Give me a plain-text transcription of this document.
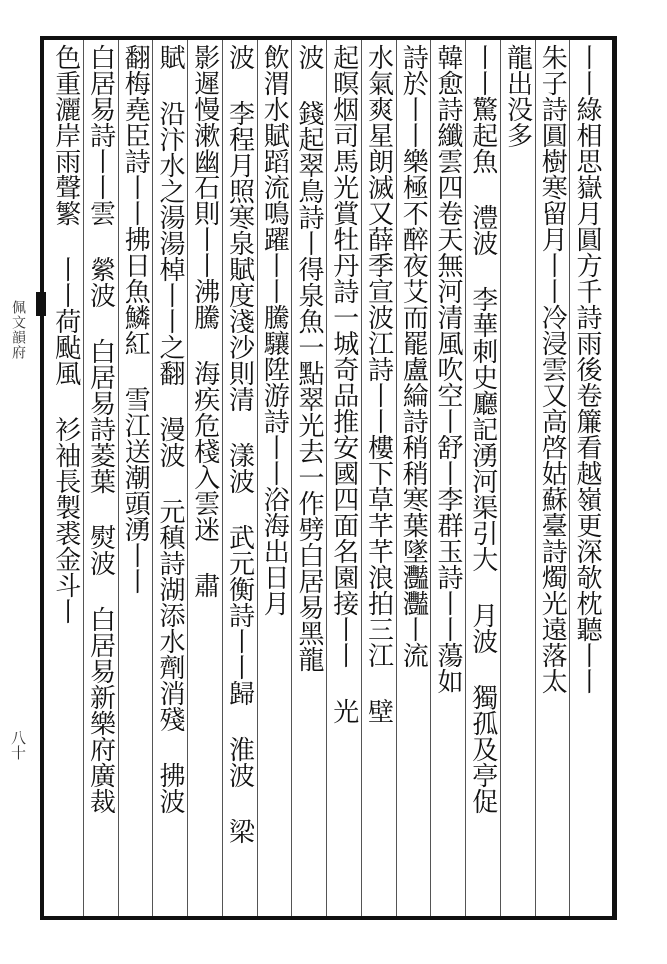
佩文韻府
八十
丨丨綠相思嶽月圓方千詩雨後卷簾看越嶺更深欹枕聽丨丨
朱子詩圓樹寒留月丨丨冷浸雲又高啓姑蘇臺詩燭光遠落太
龍出没多
丨丨驚起魚 澧波 李華刺史廳記湧河渠引大 月波 獨孤及亭促
韓愈詩纖雲四卷天無河清風吹空丨舒丨李群玉詩丨丨蕩如
詩於丨丨樂極不醉夜艾而罷盧綸詩稍稍寒葉墜灩灩丨流
水氣爽星朗滅又薛季宣波江詩丨丨樓下草芊芊浪拍三江 壁
起暝烟司馬光賞牡丹詩一城奇品推安國四面名園接丨丨 光
波 錢起翠鳥詩丨得泉魚一點翠光去一作劈白居易黑龍
飲渭水賦蹈流鳴躍丨丨騰驤陞游詩丨丨浴海出日月
波 李程月照寒泉賦度淺沙則清 漾波 武元衡詩丨丨歸 淮波 梁
影遲慢漱幽石則丨丨沸騰 海疾危棧入雲迷 肅
賦 沿汴水之湯湯棹丨丨之翻 漫波 元稹詩湖添水劑消殘 拂波
翻梅堯臣詩丨丨拂日魚鱗紅 雪江送潮頭湧丨丨
白居易詩丨丨雲 縈波 白居易詩菱葉 熨波 白居易新樂府廣裁
色重灑岸雨聲繁 丨丨荷颭風 衫袖長製裘金斗丨
